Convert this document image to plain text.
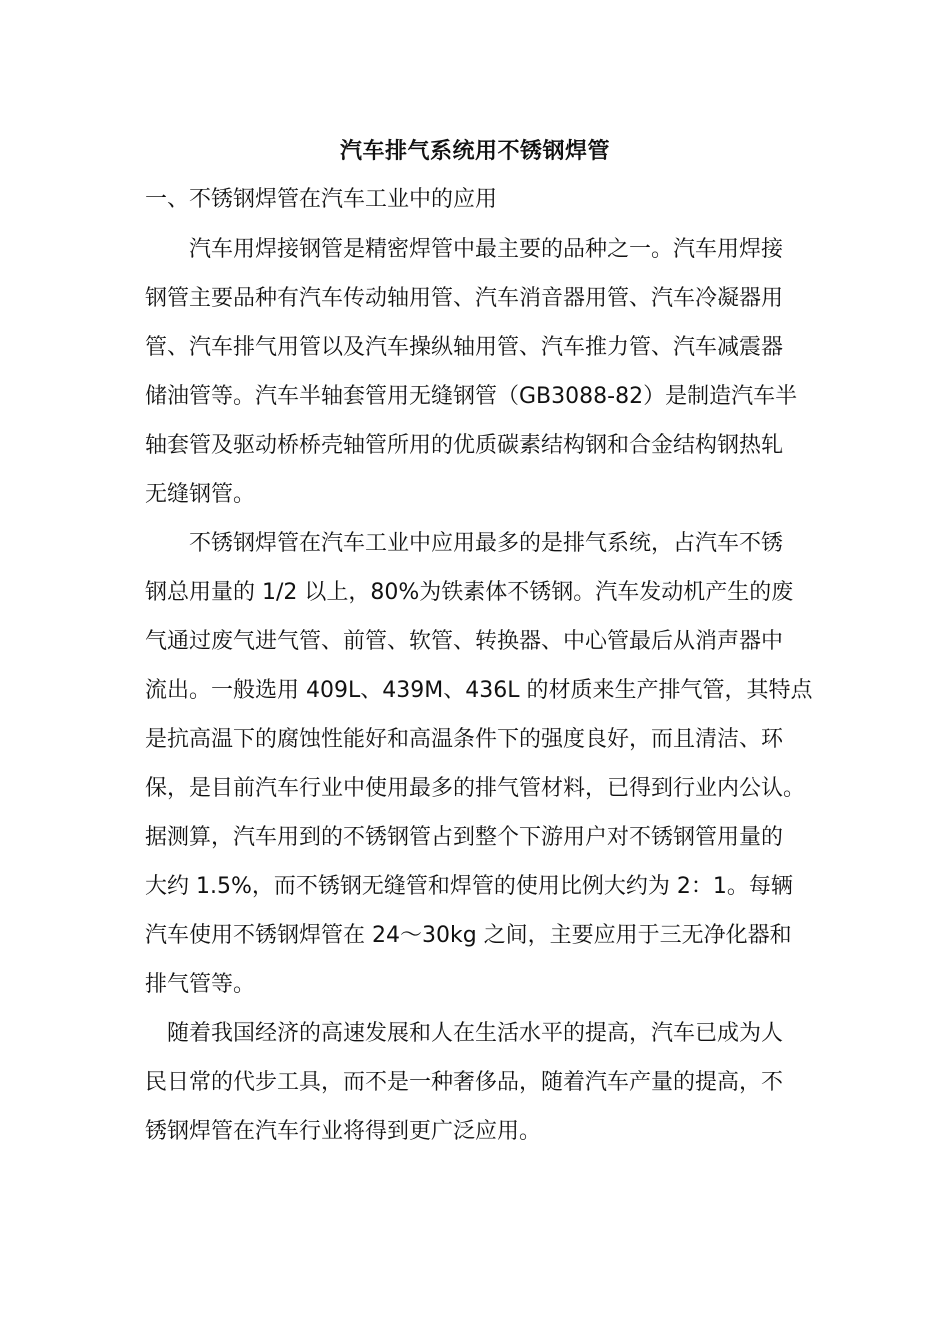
汽车排气系统用不锈钢焊管
一、不锈钢焊管在汽车工业中的应用
　　汽车用焊接钢管是精密焊管中最主要的品种之一。汽车用焊接
钢管主要品种有汽车传动轴用管、汽车消音器用管、汽车冷凝器用
管、汽车排气用管以及汽车操纵轴用管、汽车推力管、汽车减震器
储油管等。汽车半轴套管用无缝钢管（GB3088-82）是制造汽车半
轴套管及驱动桥桥壳轴管所用的优质碳素结构钢和合金结构钢热轧
无缝钢管。
　　不锈钢焊管在汽车工业中应用最多的是排气系统，占汽车不锈
钢总用量的 1/2 以上，80%为铁素体不锈钢。汽车发动机产生的废
气通过废气进气管、前管、软管、转换器、中心管最后从消声器中
流出。一般选用 409L、439M、436L 的材质来生产排气管，其特点
是抗高温下的腐蚀性能好和高温条件下的强度良好，而且清洁、环
保，是目前汽车行业中使用最多的排气管材料，已得到行业内公认。
据测算，汽车用到的不锈钢管占到整个下游用户对不锈钢管用量的
大约 1.5%，而不锈钢无缝管和焊管的使用比例大约为 2：1。每辆
汽车使用不锈钢焊管在 24～30kg 之间，主要应用于三无净化器和
排气管等。
　随着我国经济的高速发展和人在生活水平的提高，汽车已成为人
民日常的代步工具，而不是一种奢侈品，随着汽车产量的提高，不
锈钢焊管在汽车行业将得到更广泛应用。
